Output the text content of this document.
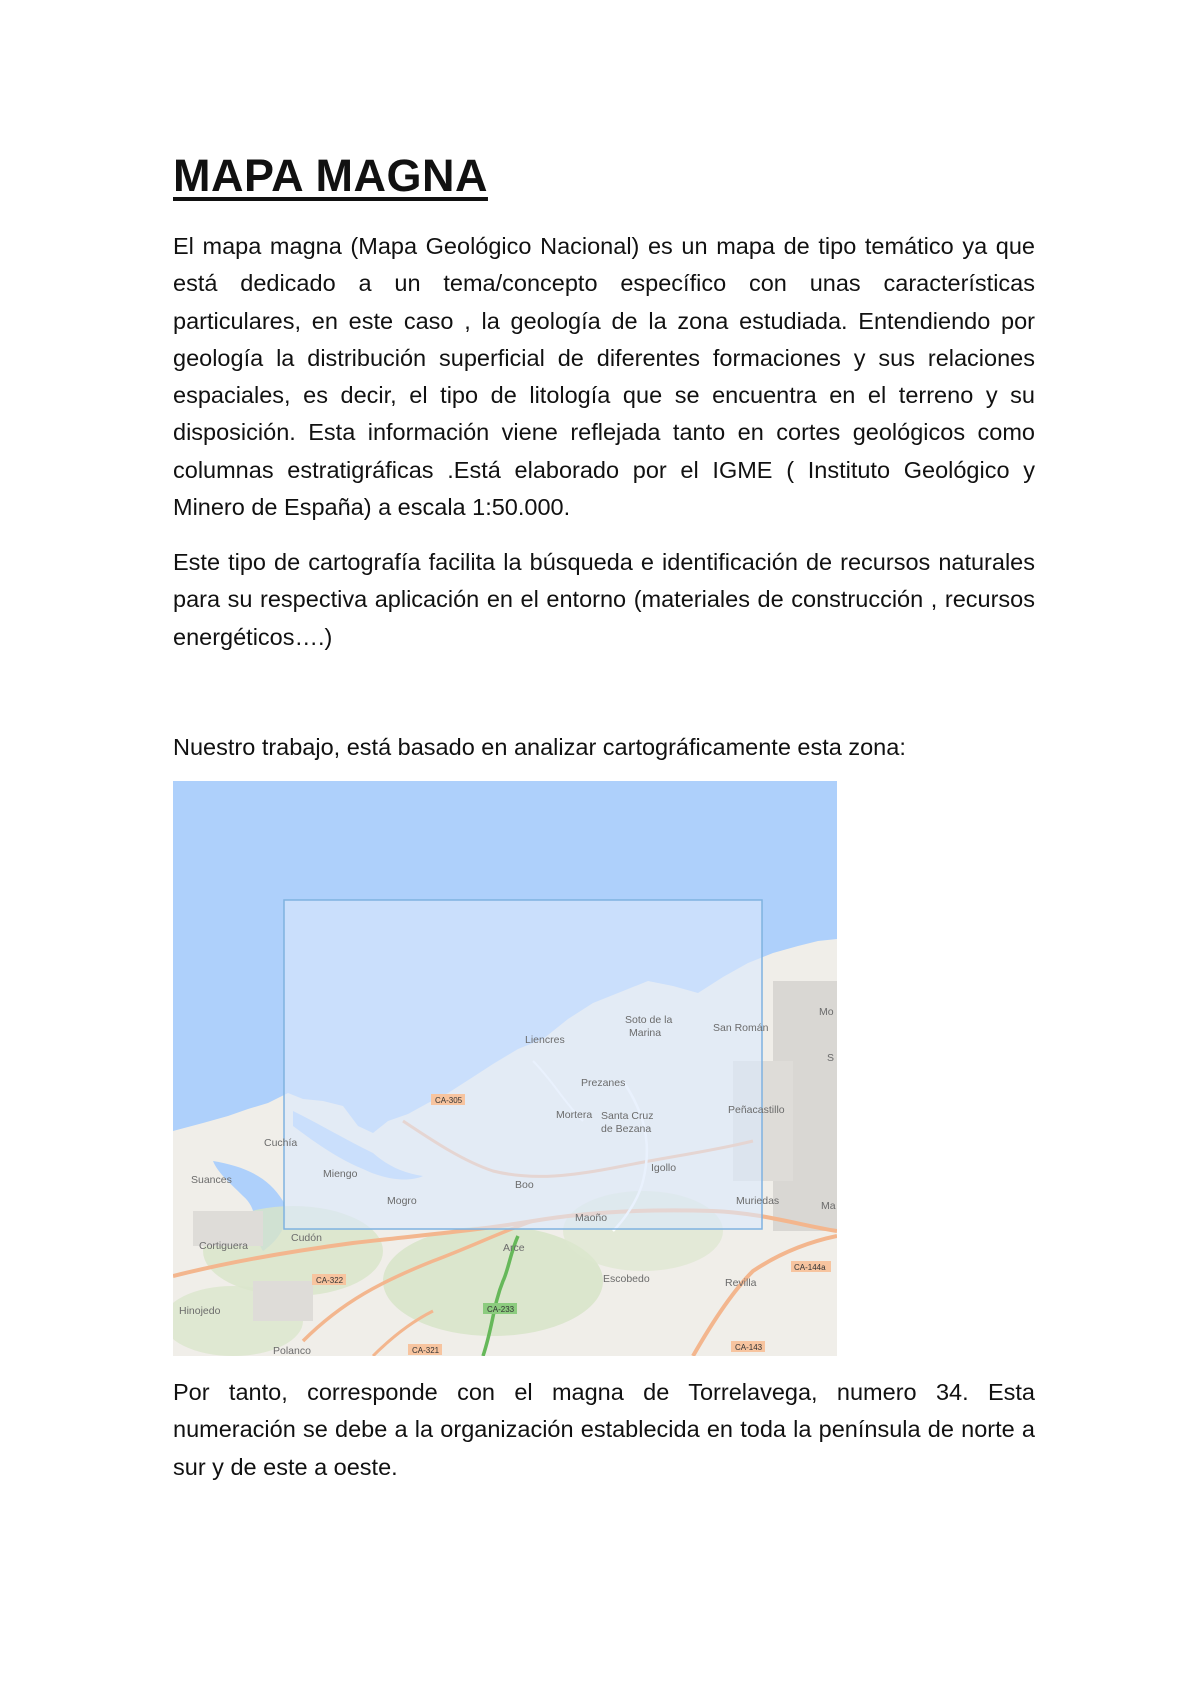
MAPA MAGNA

El mapa magna (Mapa Geológico Nacional) es un mapa de tipo temático ya que está dedicado a un tema/concepto específico con unas características particulares, en este caso , la geología de la zona estudiada. Entendiendo por geología la distribución superficial de diferentes formaciones y sus relaciones espaciales, es decir, el tipo de litología que se encuentra en el terreno y su disposición. Esta información viene reflejada tanto en cortes geológicos como columnas estratigráficas .Está elaborado por el IGME ( Instituto Geológico y Minero de España) a escala 1:50.000.

Este tipo de cartografía facilita la búsqueda e identificación de recursos naturales para su respectiva aplicación en el entorno (materiales de construcción , recursos energéticos….)

Nuestro trabajo, está basado en analizar cartográficamente esta zona:

Soto de la
Marina	San Román
Liencres
Prezanes
Mortera Santa Cruz
de Bezana
Peñacastillo
Cuchía
Suances	Miengo
Boo
Igollo
Mogro
Maoño
Muriedas
Cudón
Cortiguera	Arce
Escobedo	Revilla
Hinojedo
Polanco
Mo
S
Ma
CA-305
CA-322
CA-233
CA-321
CA-144a
CA-143

Por tanto, corresponde con el magna de Torrelavega, numero 34. Esta numeración se debe a la organización establecida en toda la península de norte a sur y de este a oeste.
